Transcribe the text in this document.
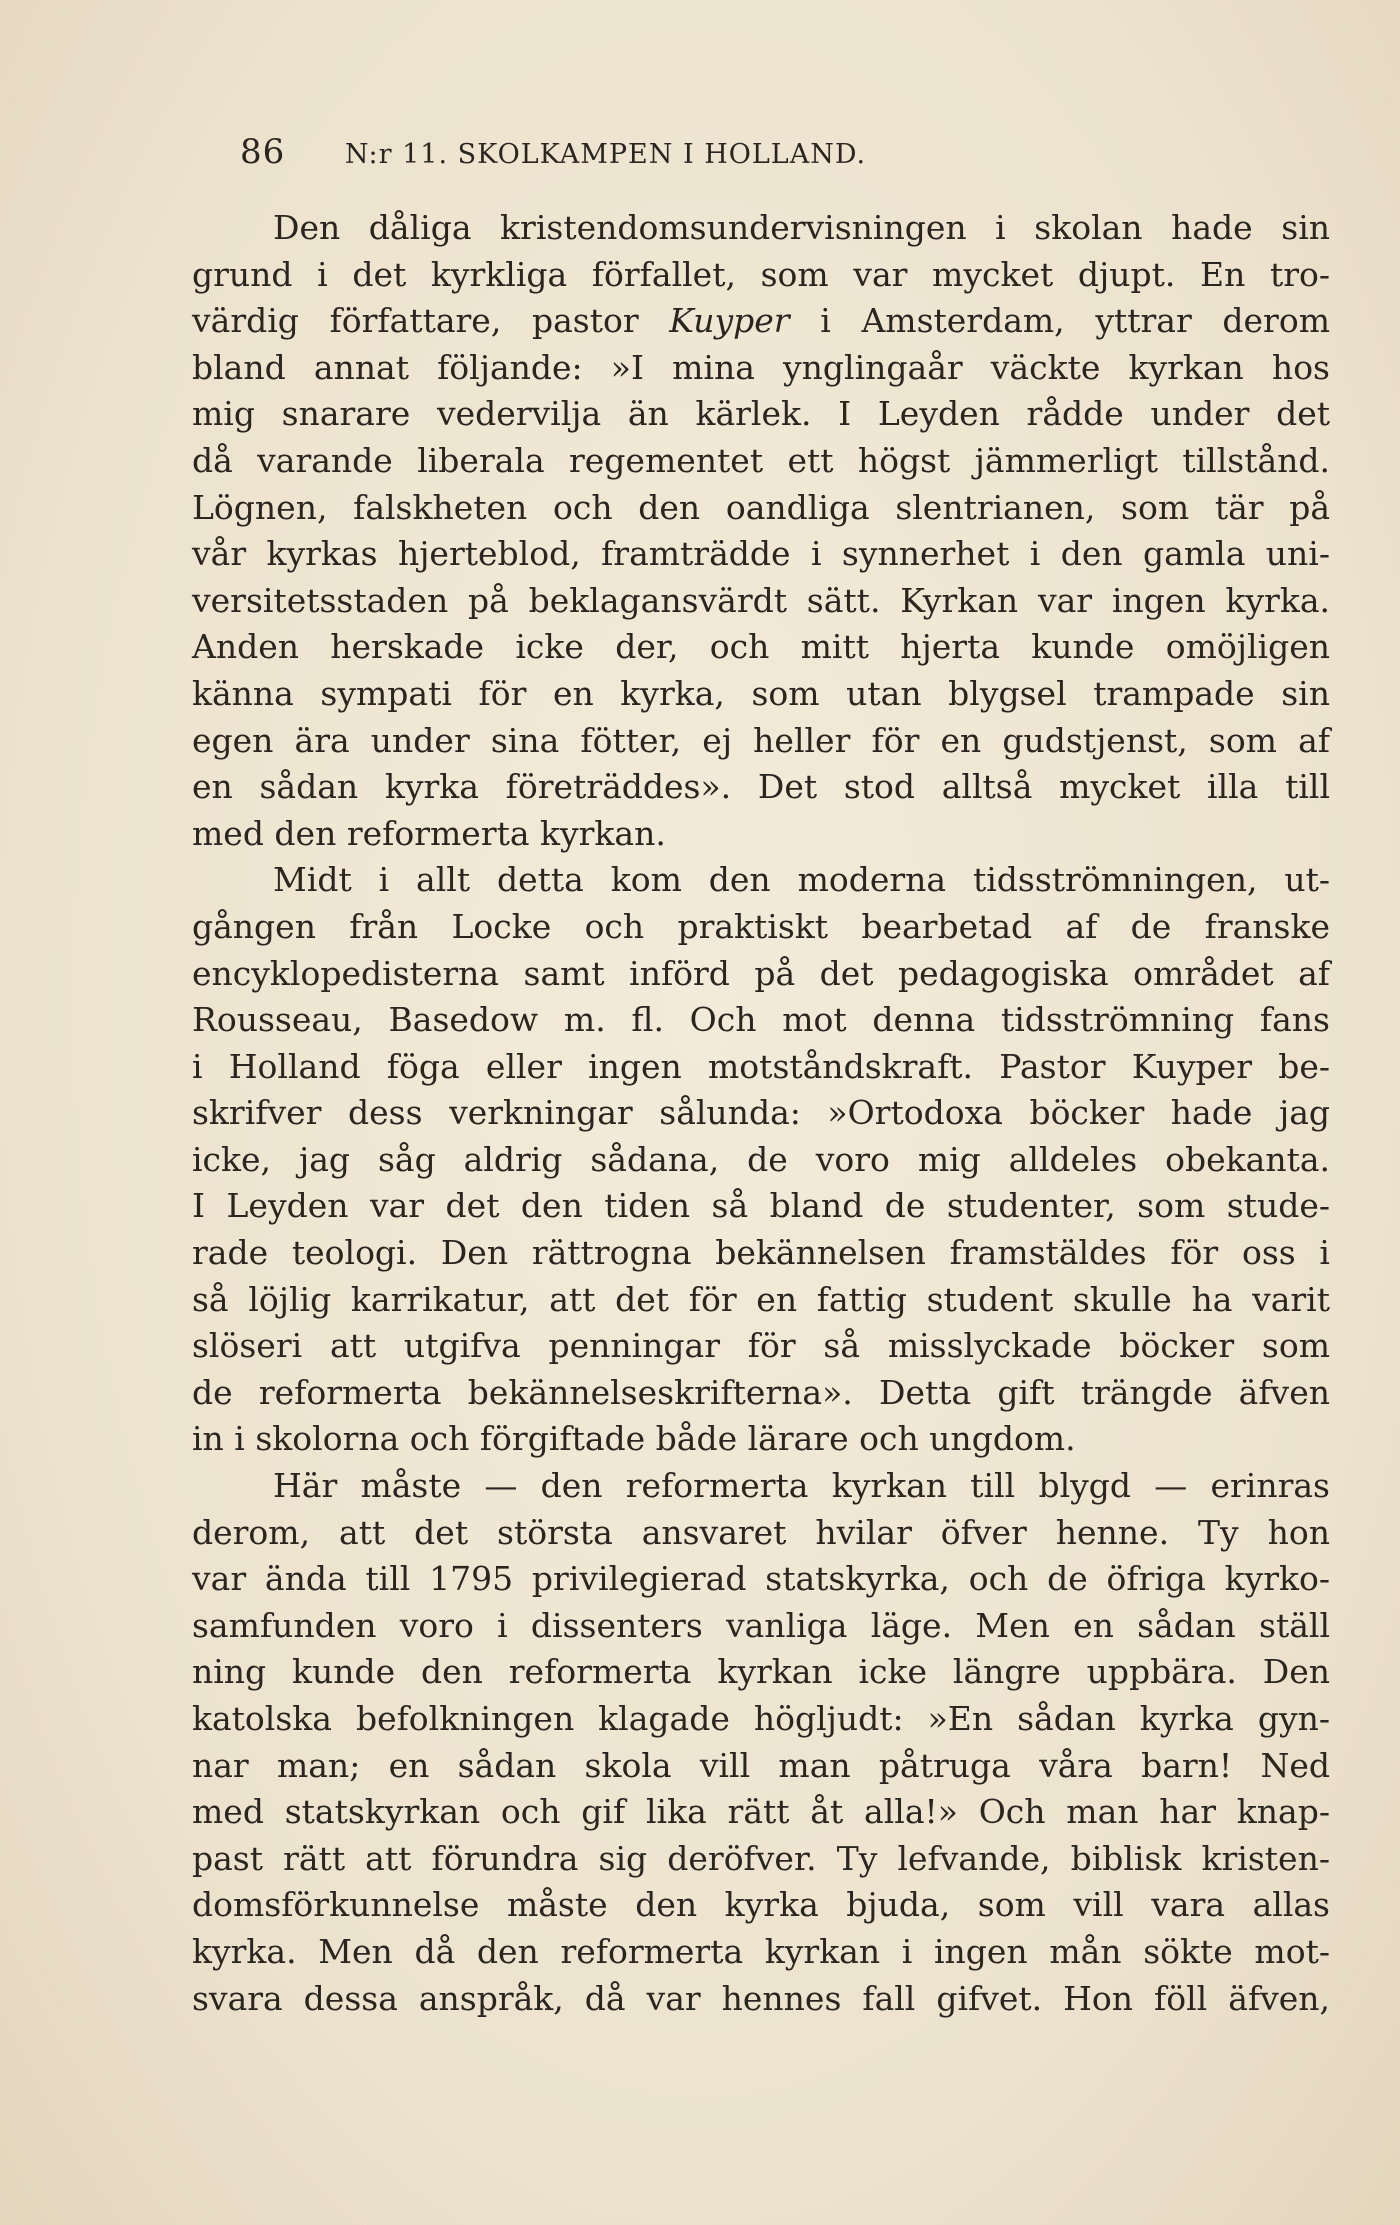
86 N:r 11. SKOLKAMPEN I HOLLAND.
Den dåliga kristendomsundervisningen i skolan hade sin
grund i det kyrkliga förfallet, som var mycket djupt. En tro-
värdig författare, pastor Kuyper i Amsterdam, yttrar derom
bland annat följande: »I mina ynglingaår väckte kyrkan hos
mig snarare vedervilja än kärlek. I Leyden rådde under det
då varande liberala regementet ett högst jämmerligt tillstånd.
Lögnen, falskheten och den oandliga slentrianen, som tär på
vår kyrkas hjerteblod, framträdde i synnerhet i den gamla uni-
versitetsstaden på beklagansvärdt sätt. Kyrkan var ingen kyrka.
Anden herskade icke der, och mitt hjerta kunde omöjligen
känna sympati för en kyrka, som utan blygsel trampade sin
egen ära under sina fötter, ej heller för en gudstjenst, som af
en sådan kyrka företräddes». Det stod alltså mycket illa till
med den reformerta kyrkan.
Midt i allt detta kom den moderna tidsströmningen, ut-
gången från Locke och praktiskt bearbetad af de franske
encyklopedisterna samt införd på det pedagogiska området af
Rousseau, Basedow m. fl. Och mot denna tidsströmning fans
i Holland föga eller ingen motståndskraft. Pastor Kuyper be-
skrifver dess verkningar sålunda: »Ortodoxa böcker hade jag
icke, jag såg aldrig sådana, de voro mig alldeles obekanta.
I Leyden var det den tiden så bland de studenter, som stude-
rade teologi. Den rättrogna bekännelsen framstäldes för oss i
så löjlig karrikatur, att det för en fattig student skulle ha varit
slöseri att utgifva penningar för så misslyckade böcker som
de reformerta bekännelseskrifterna». Detta gift trängde äfven
in i skolorna och förgiftade både lärare och ungdom.
Här måste — den reformerta kyrkan till blygd — erinras
derom, att det största ansvaret hvilar öfver henne. Ty hon
var ända till 1795 privilegierad statskyrka, och de öfriga kyrko-
samfunden voro i dissenters vanliga läge. Men en sådan ställ
ning kunde den reformerta kyrkan icke längre uppbära. Den
katolska befolkningen klagade högljudt: »En sådan kyrka gyn-
nar man; en sådan skola vill man påtruga våra barn! Ned
med statskyrkan och gif lika rätt åt alla!» Och man har knap-
past rätt att förundra sig deröfver. Ty lefvande, biblisk kristen-
domsförkunnelse måste den kyrka bjuda, som vill vara allas
kyrka. Men då den reformerta kyrkan i ingen mån sökte mot-
svara dessa anspråk, då var hennes fall gifvet. Hon föll äfven,
